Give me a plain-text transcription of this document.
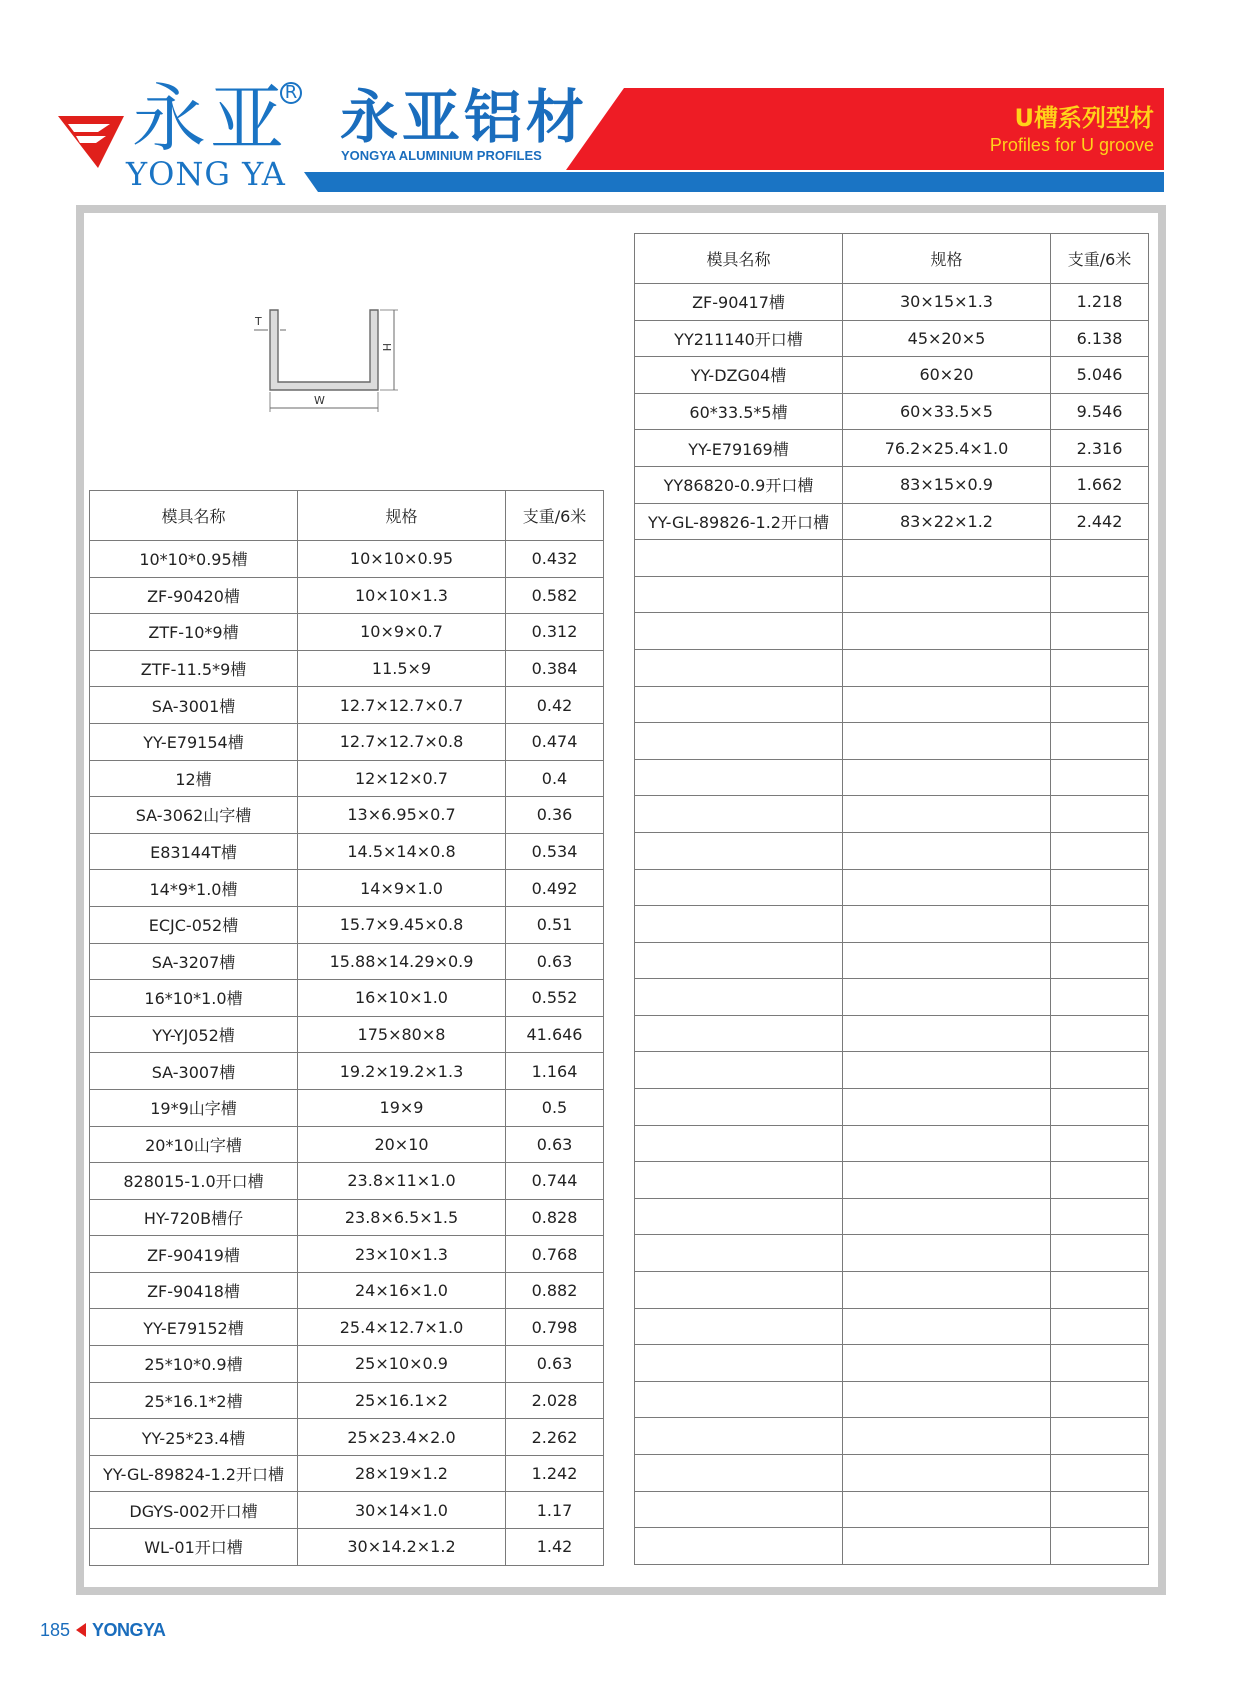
永亚
R
YONG YA
永亚铝材
YONGYA ALUMINIUM PROFILES
U槽系列型材
Profiles for U groove
T
H
W
模具名称	规格	支重/6米
10*10*0.95槽	10×10×0.95	0.432
ZF-90420槽	10×10×1.3	0.582
ZTF-10*9槽	10×9×0.7	0.312
ZTF-11.5*9槽	11.5×9	0.384
SA-3001槽	12.7×12.7×0.7	0.42
YY-E79154槽	12.7×12.7×0.8	0.474
12槽	12×12×0.7	0.4
SA-3062山字槽	13×6.95×0.7	0.36
E83144T槽	14.5×14×0.8	0.534
14*9*1.0槽	14×9×1.0	0.492
ECJC-052槽	15.7×9.45×0.8	0.51
SA-3207槽	15.88×14.29×0.9	0.63
16*10*1.0槽	16×10×1.0	0.552
YY-YJ052槽	175×80×8	41.646
SA-3007槽	19.2×19.2×1.3	1.164
19*9山字槽	19×9	0.5
20*10山字槽	20×10	0.63
828015-1.0开口槽	23.8×11×1.0	0.744
HY-720B槽仔	23.8×6.5×1.5	0.828
ZF-90419槽	23×10×1.3	0.768
ZF-90418槽	24×16×1.0	0.882
YY-E79152槽	25.4×12.7×1.0	0.798
25*10*0.9槽	25×10×0.9	0.63
25*16.1*2槽	25×16.1×2	2.028
YY-25*23.4槽	25×23.4×2.0	2.262
YY-GL-89824-1.2开口槽	28×19×1.2	1.242
DGYS-002开口槽	30×14×1.0	1.17
WL-01开口槽	30×14.2×1.2	1.42
模具名称	规格	支重/6米
ZF-90417槽	30×15×1.3	1.218
YY211140开口槽	45×20×5	6.138
YY-DZG04槽	60×20	5.046
60*33.5*5槽	60×33.5×5	9.546
YY-E79169槽	76.2×25.4×1.0	2.316
YY86820-0.9开口槽	83×15×0.9	1.662
YY-GL-89826-1.2开口槽	83×22×1.2	2.442

185 YONGYA
